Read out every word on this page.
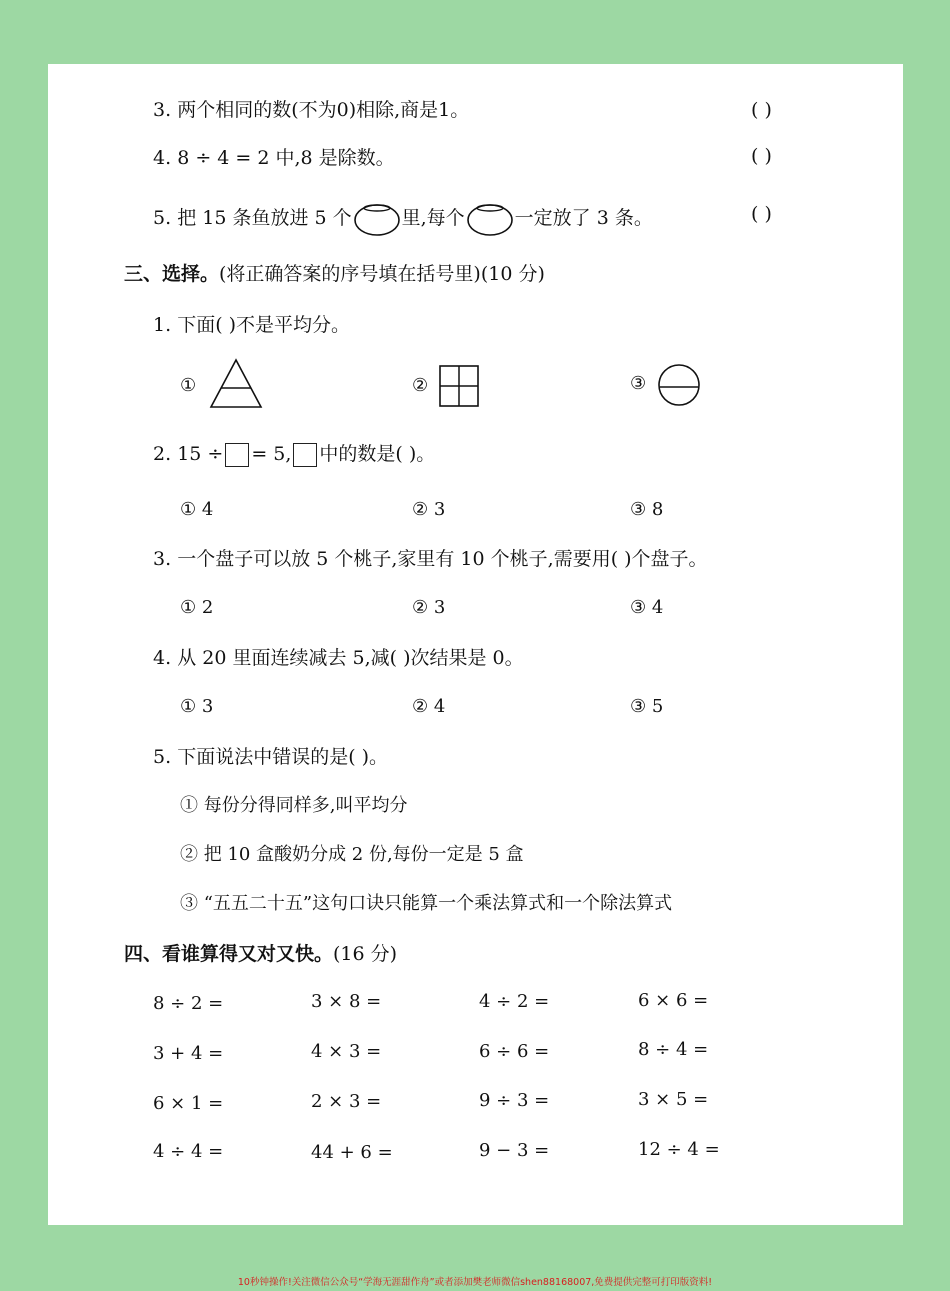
3. 两个相同的数(不为0)相除,商是1。	( )
4. 8 ÷ 4 = 2 中,8 是除数。	( )
5. 把 15 条鱼放进 5 个	里,每个	一定放了 3 条。	( )
三、选择。(将正确答案的序号填在括号里)(10 分)
1. 下面( )不是平均分。
①	②	③
2. 15 ÷ = 5, 中的数是( )。
① 4	② 3	③ 8
3. 一个盘子可以放 5 个桃子,家里有 10 个桃子,需要用( )个盘子。
① 2	② 3	③ 4
4. 从 20 里面连续减去 5,减( )次结果是 0。
① 3	② 4	③ 5
5. 下面说法中错误的是( )。
① 每份分得同样多,叫平均分
② 把 10 盒酸奶分成 2 份,每份一定是 5 盒
③ “五五二十五”这句口诀只能算一个乘法算式和一个除法算式
四、看谁算得又对又快。(16 分)
8 ÷ 2 =	3 × 8 =	4 ÷ 2 =	6 × 6 =
3 + 4 =	4 × 3 =	6 ÷ 6 =	8 ÷ 4 =
6 × 1 =	2 × 3 =	9 ÷ 3 =	3 × 5 =
4 ÷ 4 =	44 + 6 =	9 − 3 =	12 ÷ 4 =
10秒钟操作!关注微信公众号“学海无涯甜作舟”或者添加樊老师微信shen88168007,免费提供完整可打印版资料!
